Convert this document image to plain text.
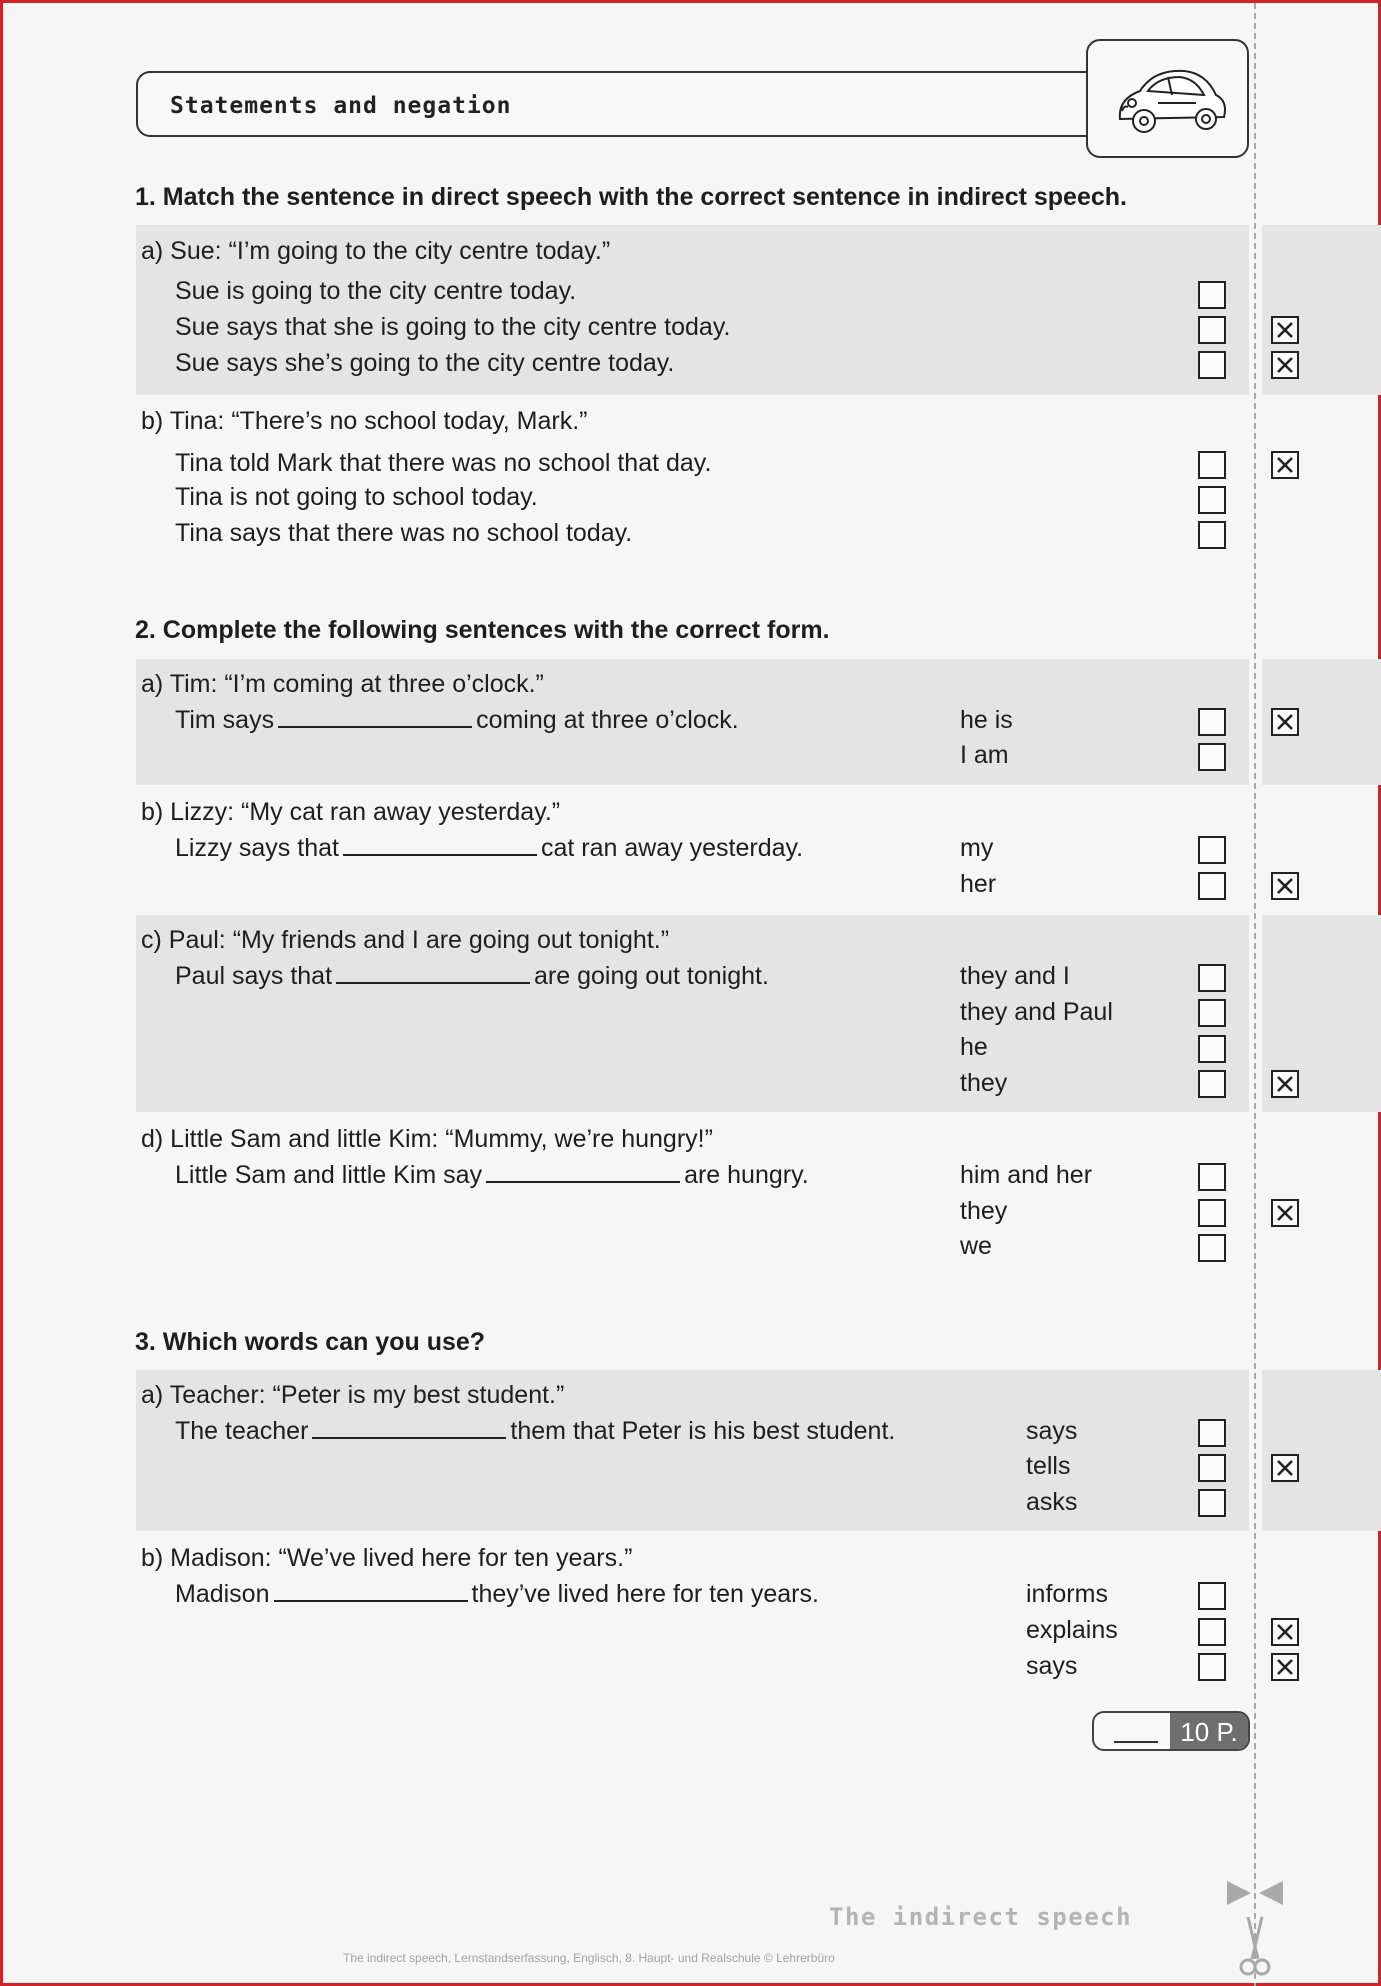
Statements and negation
1. Match the sentence in direct speech with the correct sentence in indirect speech.
a) Sue: “I’m going to the city centre today.”
Sue is going to the city centre today.
Sue says that she is going to the city centre today.
Sue says she’s going to the city centre today.
b) Tina: “There’s no school today, Mark.”
Tina told Mark that there was no school that day.
Tina is not going to school today.
Tina says that there was no school today.
2. Complete the following sentences with the correct form.
a) Tim: “I’m coming at three o’clock.”
Tim says	coming at three o’clock.	he is
I am
b) Lizzy: “My cat ran away yesterday.”
Lizzy says that	cat ran away yesterday.	my
her
c) Paul: “My friends and I are going out tonight.”
Paul says that	are going out tonight.	they and I
they and Paul
he
they
d) Little Sam and little Kim: “Mummy, we’re hungry!”
Little Sam and little Kim say	are hungry.	him and her
they
we
3. Which words can you use?
a) Teacher: “Peter is my best student.”
The teacher	them that Peter is his best student.	says
tells
asks
b) Madison: “We’ve lived here for ten years.”
Madison	they’ve lived here for ten years.	informs
explains
says
10 P.
The indirect speech
The indirect speech, Lernstandserfassung, Englisch, 8. Haupt- und Realschule © Lehrerbüro
